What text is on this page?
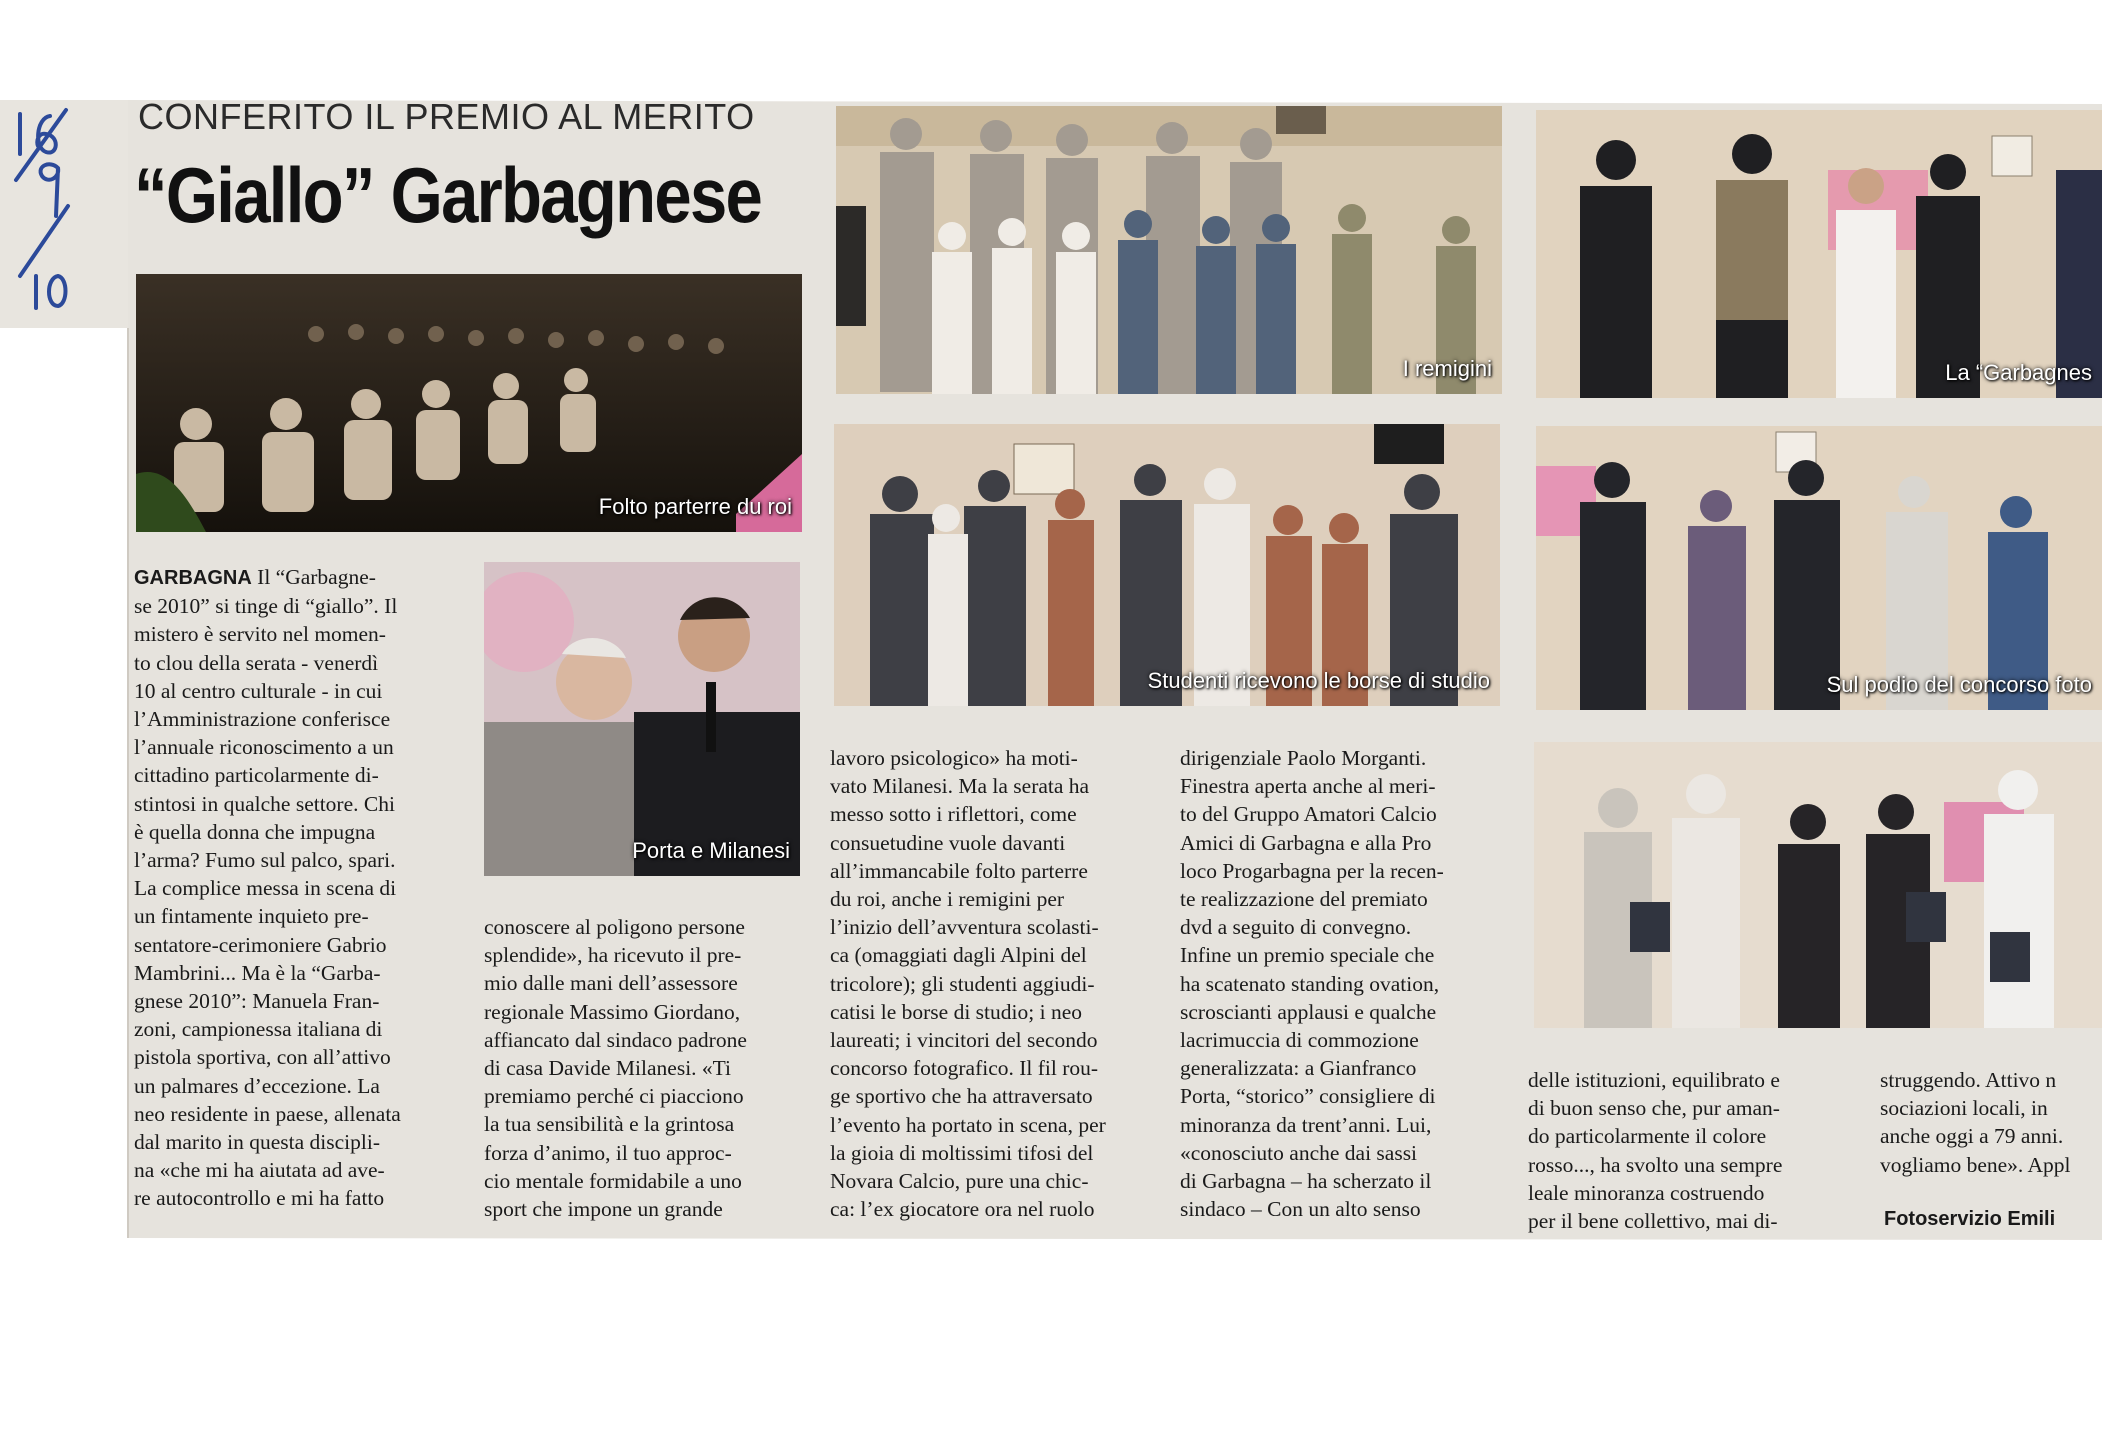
CONFERITO IL PREMIO AL MERITO
“Giallo” Garbagnese
Folto parterre du roi
Porta e Milanesi
I remigini	La “Garbagnes
Studenti ricevono le borse di studio	Sul podio del concorso foto
GARBAGNA Il “Garbagne-
se 2010” si tinge di “giallo”. Il
mistero è servito nel momen-
to clou della serata - venerdì
10 al centro culturale - in cui
l’Amministrazione conferisce
l’annuale riconoscimento a un
cittadino particolarmente di-
stintosi in qualche settore. Chi
è quella donna che impugna
l’arma? Fumo sul palco, spari.
La complice messa in scena di
un fintamente inquieto pre-
sentatore-cerimoniere Gabrio
Mambrini... Ma è la “Garba-
gnese 2010”: Manuela Fran-
zoni, campionessa italiana di
pistola sportiva, con all’attivo
un palmares d’eccezione. La
neo residente in paese, allenata
dal marito in questa discipli-
na «che mi ha aiutata ad ave-
re autocontrollo e mi ha fatto
conoscere al poligono persone
splendide», ha ricevuto il pre-
mio dalle mani dell’assessore
regionale Massimo Giordano,
affiancato dal sindaco padrone
di casa Davide Milanesi. «Ti
premiamo perché ci piacciono
la tua sensibilità e la grintosa
forza d’animo, il tuo approc-
cio mentale formidabile a uno
sport che impone un grande
lavoro psicologico» ha moti-
vato Milanesi. Ma la serata ha
messo sotto i riflettori, come
consuetudine vuole davanti
all’immancabile folto parterre
du roi, anche i remigini per
l’inizio dell’avventura scolasti-
ca (omaggiati dagli Alpini del
tricolore); gli studenti aggiudi-
catisi le borse di studio; i neo
laureati; i vincitori del secondo
concorso fotografico. Il fil rou-
ge sportivo che ha attraversato
l’evento ha portato in scena, per
la gioia di moltissimi tifosi del
Novara Calcio, pure una chic-
ca: l’ex giocatore ora nel ruolo
dirigenziale Paolo Morganti.
Finestra aperta anche al meri-
to del Gruppo Amatori Calcio
Amici di Garbagna e alla Pro
loco Progarbagna per la recen-
te realizzazione del premiato
dvd a seguito di convegno.
Infine un premio speciale che
ha scatenato standing ovation,
scroscianti applausi e qualche
lacrimuccia di commozione
generalizzata: a Gianfranco
Porta, “storico” consigliere di
minoranza da trent’anni. Lui,
«conosciuto anche dai sassi
di Garbagna – ha scherzato il
sindaco – Con un alto senso
delle istituzioni, equilibrato e
di buon senso che, pur aman-
do particolarmente il colore
rosso..., ha svolto una sempre
leale minoranza costruendo
per il bene collettivo, mai di-
struggendo. Attivo n
sociazioni locali, in
anche oggi a 79 anni.
vogliamo bene». Appl
Fotoservizio Emili
